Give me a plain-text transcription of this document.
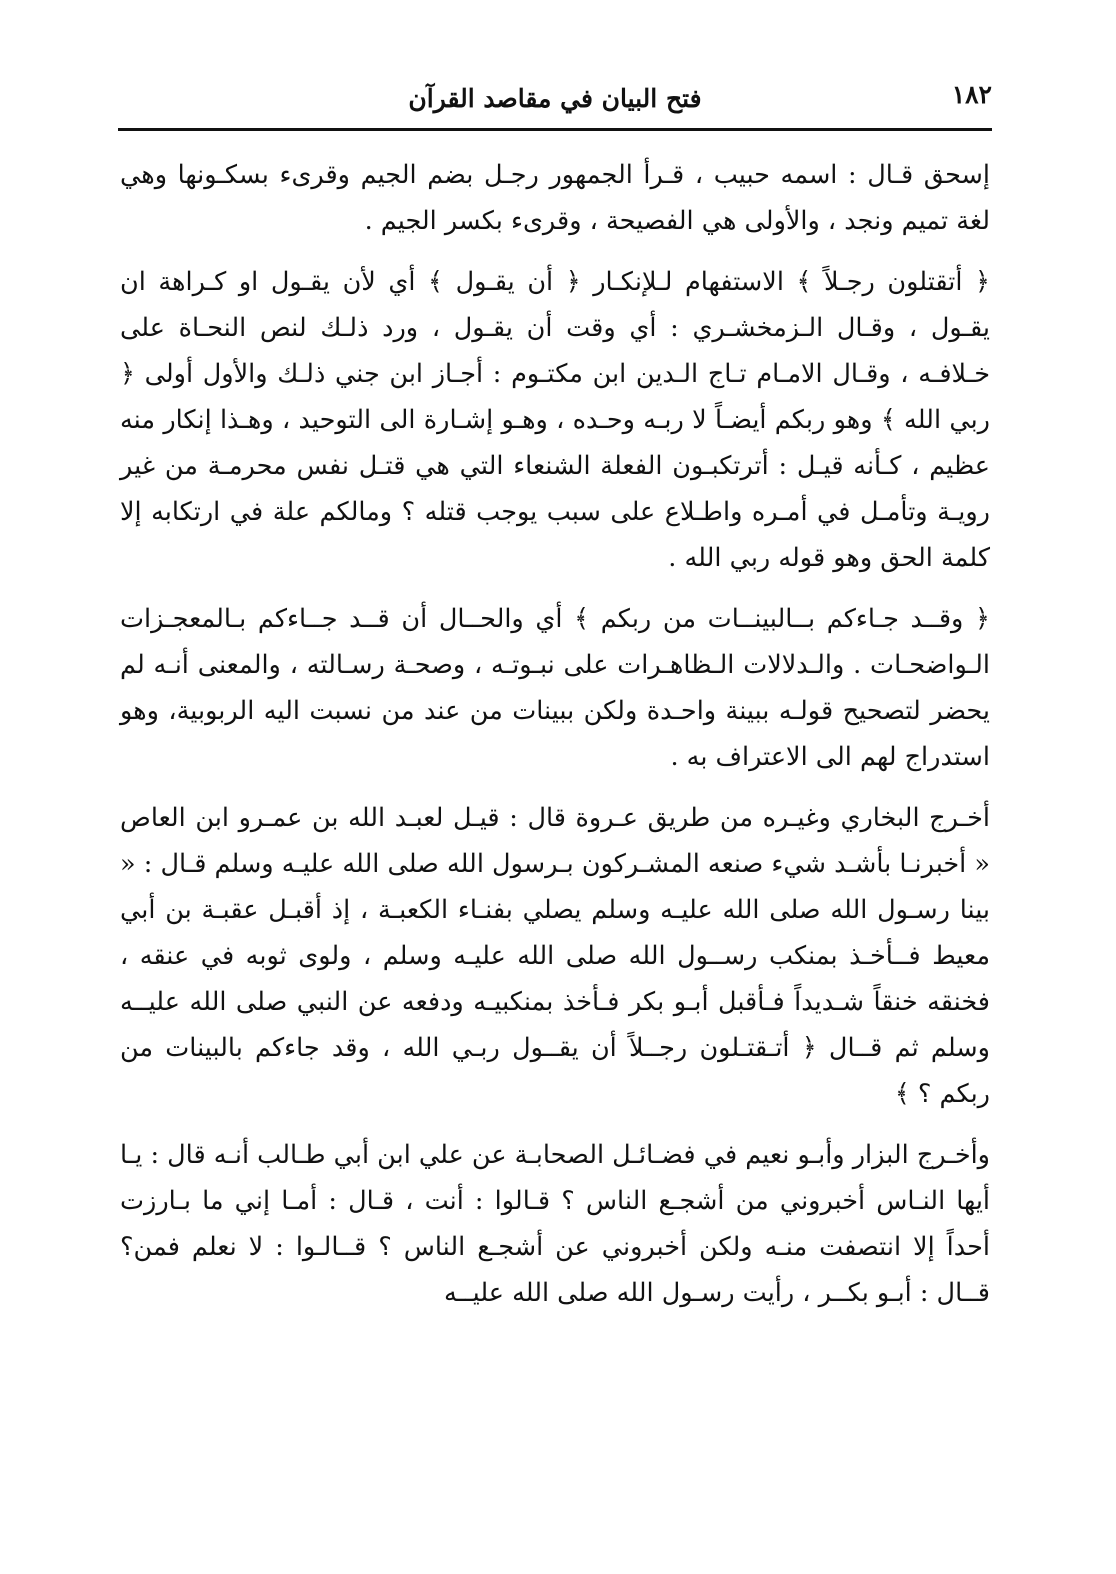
١٨٢
فتح البيان في مقاصد القرآن

إسحق قـال : اسمه حبيب ، قـرأ الجمهور رجـل بضم الجيم وقرىء بسكـونها وهي لغة تميم ونجد ، والأولى هي الفصيحة ، وقرىء بكسر الجيم .

﴿ أتقتلون رجـلاً ﴾ الاستفهام لـلإنكـار ﴿ أن يقـول ﴾ أي لأن يقـول او كـراهة ان يقـول ، وقـال الـزمخشـري : أي وقت أن يقـول ، ورد ذلـك لنص النحـاة على خـلافـه ، وقـال الامـام تـاج الـدين ابن مكتـوم : أجـاز ابن جني ذلـك والأول أولى ﴿ ربي الله ﴾ وهو ربكم أيضـاً لا ربـه وحـده ، وهـو إشـارة الى التوحيد ، وهـذا إنكار منه عظيم ، كـأنه قيـل : أترتكبـون الفعلة الشنعاء التي هي قتـل نفس محرمـة من غير رويـة وتأمـل في أمـره واطـلاع على سبب يوجب قتله ؟ ومالكم علة في ارتكابه إلا كلمة الحق وهو قوله ربي الله .

﴿ وقــد جـاءكم بــالبينــات من ربكم ﴾ أي والحــال أن قــد جــاءكم بـالمعجـزات الـواضحـات . والـدلالات الـظاهـرات على نبـوتـه ، وصحـة رسـالته ، والمعنى أنـه لم يحضر لتصحيح قولـه ببينة واحـدة ولكن ببينات من عند من نسبت اليه الربوبية، وهو استدراج لهم الى الاعتراف به .

أخـرج البخاري وغيـره من طريق عـروة قال : قيـل لعبـد الله بن عمـرو ابن العاص « أخبرنـا بأشـد شيء صنعه المشـركون بـرسول الله صلى الله عليـه وسلم قـال : « بينا رسـول الله صلى الله عليـه وسلم يصلي بفنـاء الكعبـة ، إذ أقبـل عقبـة بن أبي معيط فــأخـذ بمنكب رســول الله صلى الله عليـه وسلم ، ولوى ثوبه في عنقه ، فخنقه خنقاً شـديداً فـأقبل أبـو بكر فـأخذ بمنكبيـه ودفعه عن النبي صلى الله عليــه وسلم ثم قــال ﴿ أتـقتـلون رجــلاً أن يقــول ربـي الله ، وقد جاءكم بالبينات من ربكم ؟ ﴾

وأخـرج البزار وأبـو نعيم في فضـائـل الصحابـة عن علي ابن أبي طـالب أنـه قال : يـا أيها النـاس أخبروني من أشجـع الناس ؟ قـالوا : أنت ، قـال : أمـا إني ما بـارزت أحداً إلا انتصفت منـه ولكن أخبروني عن أشجـع الناس ؟ قــالـوا : لا نعلم فمن؟ قــال : أبـو بكــر ، رأيت رسـول الله صلى الله عليــه
